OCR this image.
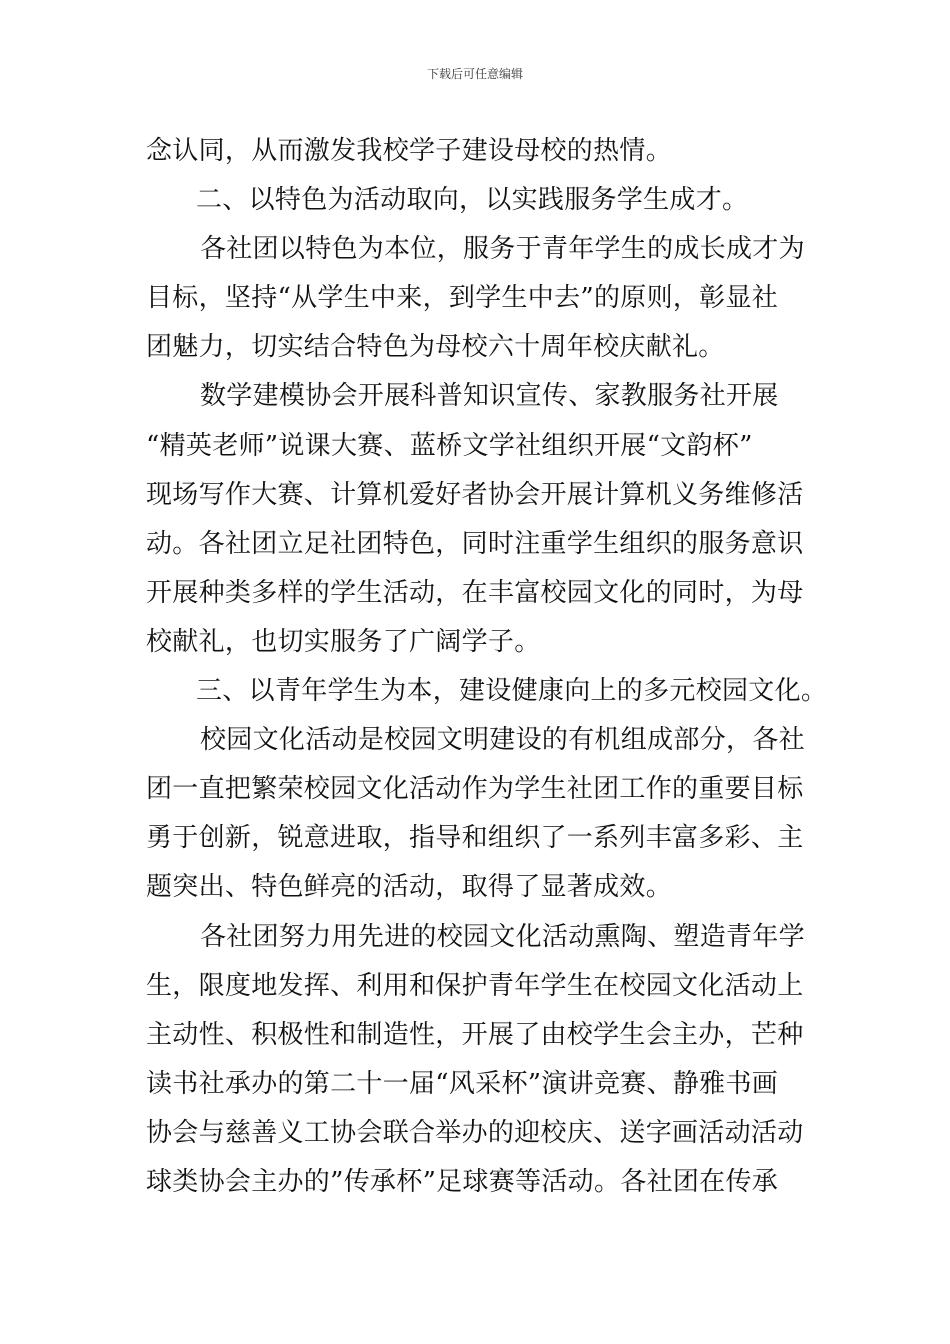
下载后可任意编辑
念认同，从而激发我校学子建设母校的热情。
二、以特色为活动取向，以实践服务学生成才。
各社团以特色为本位，服务于青年学生的成长成才为
目标，坚持“从学生中来，到学生中去”的原则，彰显社
团魅力，切实结合特色为母校六十周年校庆献礼。
数学建模协会开展科普知识宣传、家教服务社开展
“精英老师”说课大赛、蓝桥文学社组织开展“文韵杯”
现场写作大赛、计算机爱好者协会开展计算机义务维修活
动。各社团立足社团特色，同时注重学生组织的服务意识
开展种类多样的学生活动，在丰富校园文化的同时，为母
校献礼，也切实服务了广阔学子。
三、以青年学生为本，建设健康向上的多元校园文化。
校园文化活动是校园文明建设的有机组成部分，各社
团一直把繁荣校园文化活动作为学生社团工作的重要目标
勇于创新，锐意进取，指导和组织了一系列丰富多彩、主
题突出、特色鲜亮的活动，取得了显著成效。
各社团努力用先进的校园文化活动熏陶、塑造青年学
生，限度地发挥、利用和保护青年学生在校园文化活动上
主动性、积极性和制造性，开展了由校学生会主办，芒种
读书社承办的第二十一届“风采杯”演讲竞赛、静雅书画
协会与慈善义工协会联合举办的迎校庆、送字画活动活动
球类协会主办的”传承杯”足球赛等活动。各社团在传承
